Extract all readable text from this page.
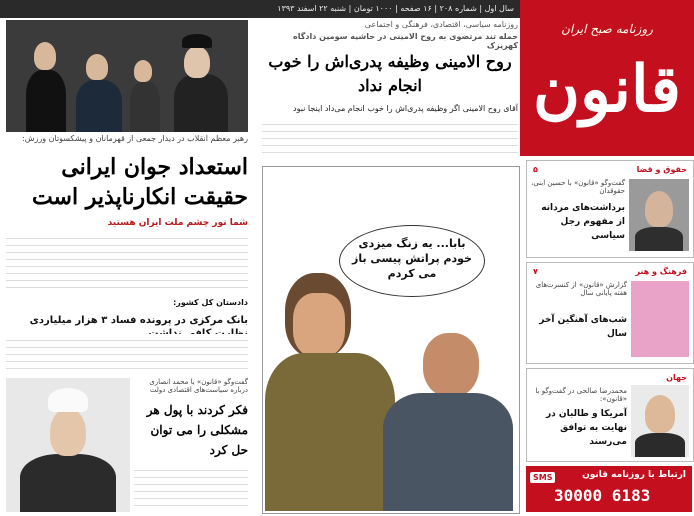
سال اول | شماره ۲۰۸ | ۱۶ صفحه | ۱۰۰۰ تومان | شنبه ۲۲ اسفند ۱۳۹۳
روزنامه صبح ایران
قانون
روزنامه سیاسی، اقتصادی، فرهنگی و اجتماعی
رهبر معظم انقلاب در دیدار جمعی از قهرمانان و پیشکسوتان ورزش:
استعداد جوان ایرانی حقیقت انکارناپذیر است
شما نور چشم ملت ایران هستید
دادستان کل کشور:
بانک مرکزی در پرونده فساد ۳ هزار میلیاردی
گفت‌وگو «قانون» با محمد انصاری درباره سیاست‌های اقتصادی دولت
فکر کردند با پول هر مشکلی را می توان حل کرد
حمله تند مرتضوی به روح الامینی در حاشیه سومین دادگاه کهریزک
روح الامینی وظیفه پدری‌اش را خوب انجام نداد
آقای روح الامینی اگر وظیفه پدری‌اش را خوب انجام می‌داد اینجا نبود
بابا... یه زنگ میزدی خودم پراتش پیسی باز می کردم
حقوق و قضا
۵
گفت‌وگو «قانون» با حسین ابنی، حقوقدان
برداشت‌های مردانه از مفهوم رجل سیاسی
فرهنگ و هنر
۷
گزارش «قانون» از کنسرت‌های هفته پایانی سال
شب‌های آهنگین آخر سال
جهان
محمدرضا صالحی در گفت‌وگو با «قانون»:
آمریکا و طالبان در نهایت به توافق می‌رسند
ارتباط با روزنامه قانون
30000 6183
SMS
